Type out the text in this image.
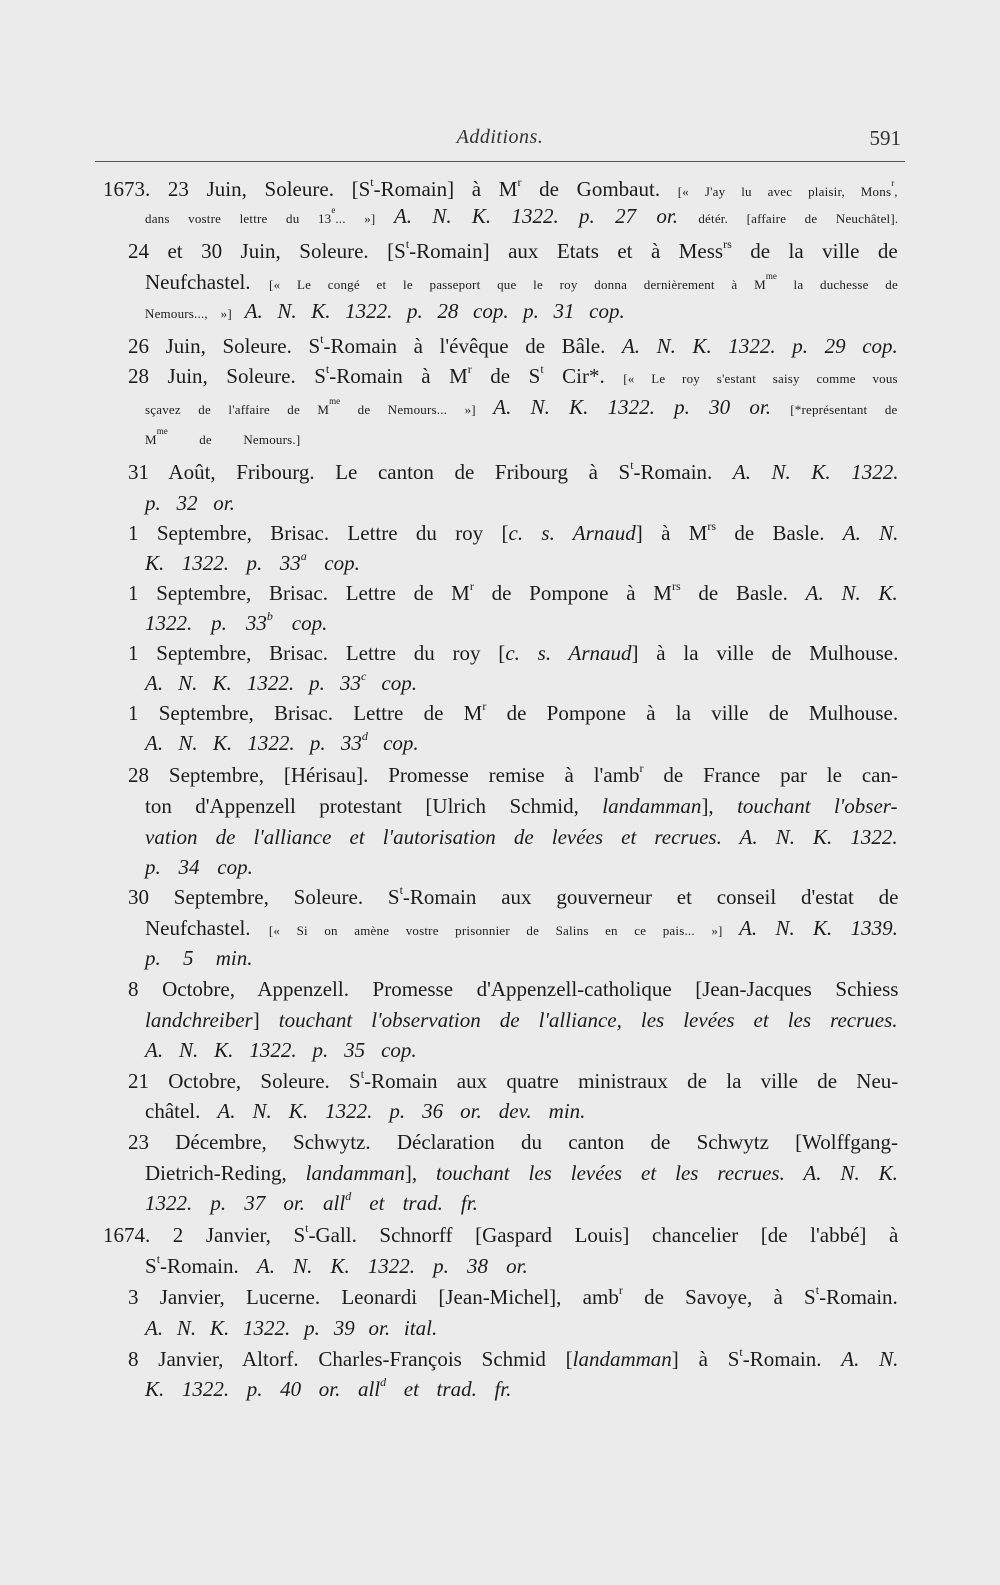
Additions.	591
1673. 23 Juin, Soleure. $[S^t-Romain]$ à $M^r$ de Gombaut. [« J'ay lu avec plaisir, Mons$^r$,
dans vostre lettre du 13e... »] A. N. K. 1322. p. 27 or. détér. [affaire de Neuchâtel].
24 et 30 Juin, Soleure. $[S^t-Romain]$ aux Etats et à Mess$^{rs}$ de la ville de
Neufchastel. [« Le congé et le passeport que le roy donna dernièrement à $M^{me}$ la duchesse de
Nemours..., »] A. N. K. 1322. p. 28 cop. p. 31 cop.
26 Juin, Soleure. $S^t$-Romain à l'évêque de Bâle. A. N. K. 1322. p. 29 cop.
28 Juin, Soleure. $S^t$-Romain à $M^r$ de $S^t$ Cir*. [« Le roy s'estant saisy comme vous
sçavez de l'affaire de $M^{me}$ de Nemours... »] A. N. K. 1322. p. 30 or. [*représentant de
$M^{me}$ de Nemours.]
31 Août, Fribourg. Le canton de Fribourg à $S^t$-Romain. A. N. K. 1322.
p. 32 or.
1 Septembre, Brisac. Lettre du roy [c. s. Arnaud] à $M^{rs}$ de Basle. A. N.
K. 1322. p. 33$^a$ cop.
1 Septembre, Brisac. Lettre de $M^r$ de Pompone à $M^{rs}$ de Basle. A. N. K.
1322. p. 33$^b$ cop.
1 Septembre, Brisac. Lettre du roy [c. s. Arnaud] à la ville de Mulhouse.
A. N. K. 1322. p. 33$^c$ cop.
1 Septembre, Brisac. Lettre de $M^r$ de Pompone à la ville de Mulhouse.
A. N. K. 1322. p. 33$^d$ cop.
28 Septembre, [Hérisau]. Promesse remise à l'amb$^r$ de France par le can-
ton d'Appenzell protestant [Ulrich Schmid, landamman], touchant l'obser-
vation de l'alliance et l'autorisation de levées et recrues. A. N. K. 1322.
p. 34 cop.
30 Septembre, Soleure. $S^t$-Romain aux gouverneur et conseil d'estat de
Neufchastel. [« Si on amène vostre prisonnier de Salins en ce pais... »] A. N. K. 1339.
p. 5 min.
8 Octobre, Appenzell. Promesse d'Appenzell-catholique [Jean-Jacques Schiess
landchreiber] touchant l'observation de l'alliance, les levées et les recrues.
A. N. K. 1322. p. 35 cop.
21 Octobre, Soleure. $S^t$-Romain aux quatre ministraux de la ville de Neu-
châtel. A. N. K. 1322. p. 36 or. dev. min.
23 Décembre, Schwytz. Déclaration du canton de Schwytz [Wolffgang-
Dietrich-Reding, landamman], touchant les levées et les recrues. A. N. K.
1322. p. 37 or. all$^d$ et trad. fr.
1674. 2 Janvier, $S^t$-Gall. Schnorff [Gaspard Louis] chancelier [de l'abbé] à
$S^t$-Romain. A. N. K. 1322. p. 38 or.
3 Janvier, Lucerne. Leonardi [Jean-Michel], amb$^r$ de Savoye, à $S^t$-Romain.
A. N. K. 1322. p. 39 or. ital.
8 Janvier, Altorf. Charles-François Schmid [landamman] à $S^t$-Romain. A. N.
K. 1322. p. 40 or. all$^d$ et trad. fr.
